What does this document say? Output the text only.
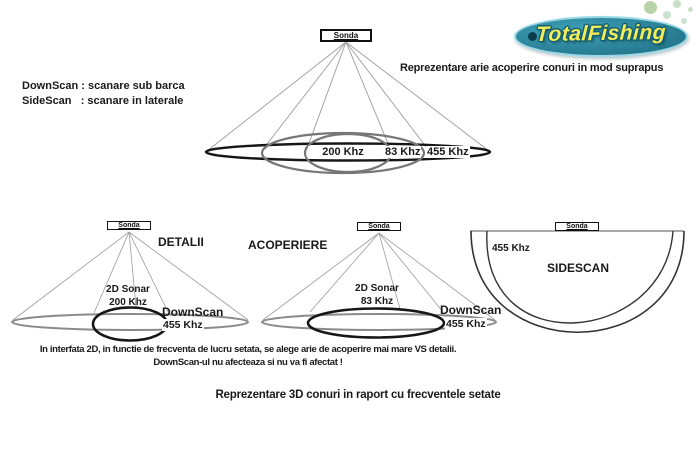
Sonda
Sonda	Sonda	Sonda
DownScan : scanare sub barca
SideScan   : scanare in laterale
Reprezentare arie acoperire conuri in mod suprapus
200 Khz	83 Khz 455 Khz
DETALII
2D Sonar
200 Khz
DownScan
455 Khz
ACOPERIERE
2D Sonar
83 Khz
DownScan
455 Khz
455 Khz
SIDESCAN
In interfata 2D, in functie de frecventa de lucru setata, se alege arie de acoperire mai mare VS detalii.
DownScan-ul nu afecteaza si nu va fi afectat !
Reprezentare 3D conuri in raport cu frecventele setate
TotalFishing
